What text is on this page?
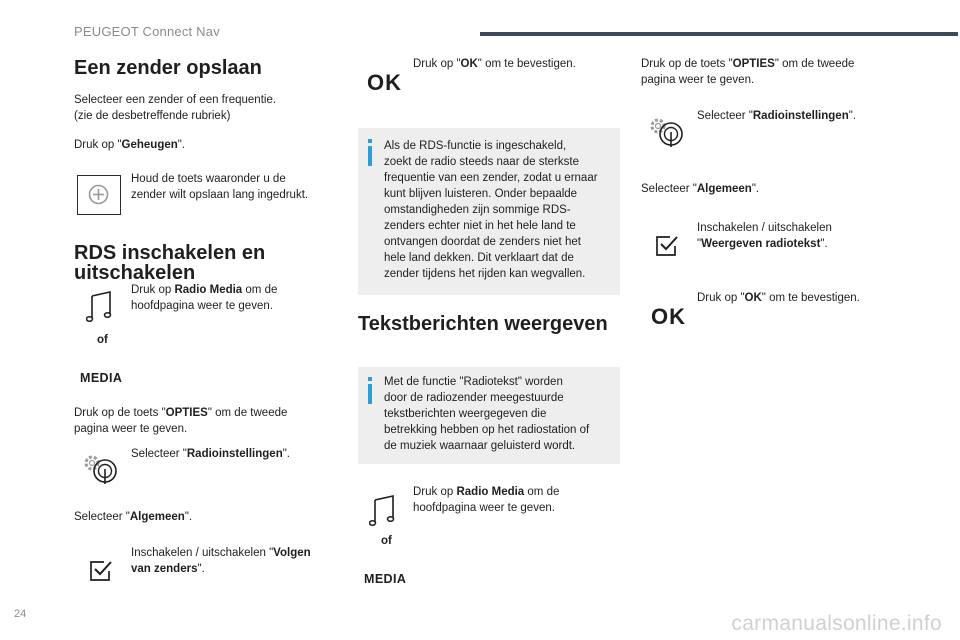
PEUGEOT Connect Nav
Een zender opslaan
Selecteer een zender of een frequentie.
(zie de desbetreffende rubriek)
Druk op "Geheugen".
Houd de toets waaronder u de
zender wilt opslaan lang ingedrukt.
RDS inschakelen en
uitschakelen
Druk op Radio Media om de
hoofdpagina weer te geven.
of
MEDIA
Druk op de toets "OPTIES" om de tweede
pagina weer te geven.
Selecteer "Radioinstellingen".
Selecteer "Algemeen".
Inschakelen / uitschakelen "Volgen
van zenders".
OK
Druk op "OK" om te bevestigen.
Als de RDS-functie is ingeschakeld,
zoekt de radio steeds naar de sterkste
frequentie van een zender, zodat u ernaar
kunt blijven luisteren. Onder bepaalde
omstandigheden zijn sommige RDS-
zenders echter niet in het hele land te
ontvangen doordat de zenders niet het
hele land dekken. Dit verklaart dat de
zender tijdens het rijden kan wegvallen.
Tekstberichten weergeven
Met de functie "Radiotekst" worden
door de radiozender meegestuurde
tekstberichten weergegeven die
betrekking hebben op het radiostation of
de muziek waarnaar geluisterd wordt.
Druk op Radio Media om de
hoofdpagina weer te geven.
of
MEDIA
Druk op de toets "OPTIES" om de tweede
pagina weer te geven.
Selecteer "Radioinstellingen".
Selecteer "Algemeen".
Inschakelen / uitschakelen
"Weergeven radiotekst".
OK
Druk op "OK" om te bevestigen.
24	carmanualsonline.info
